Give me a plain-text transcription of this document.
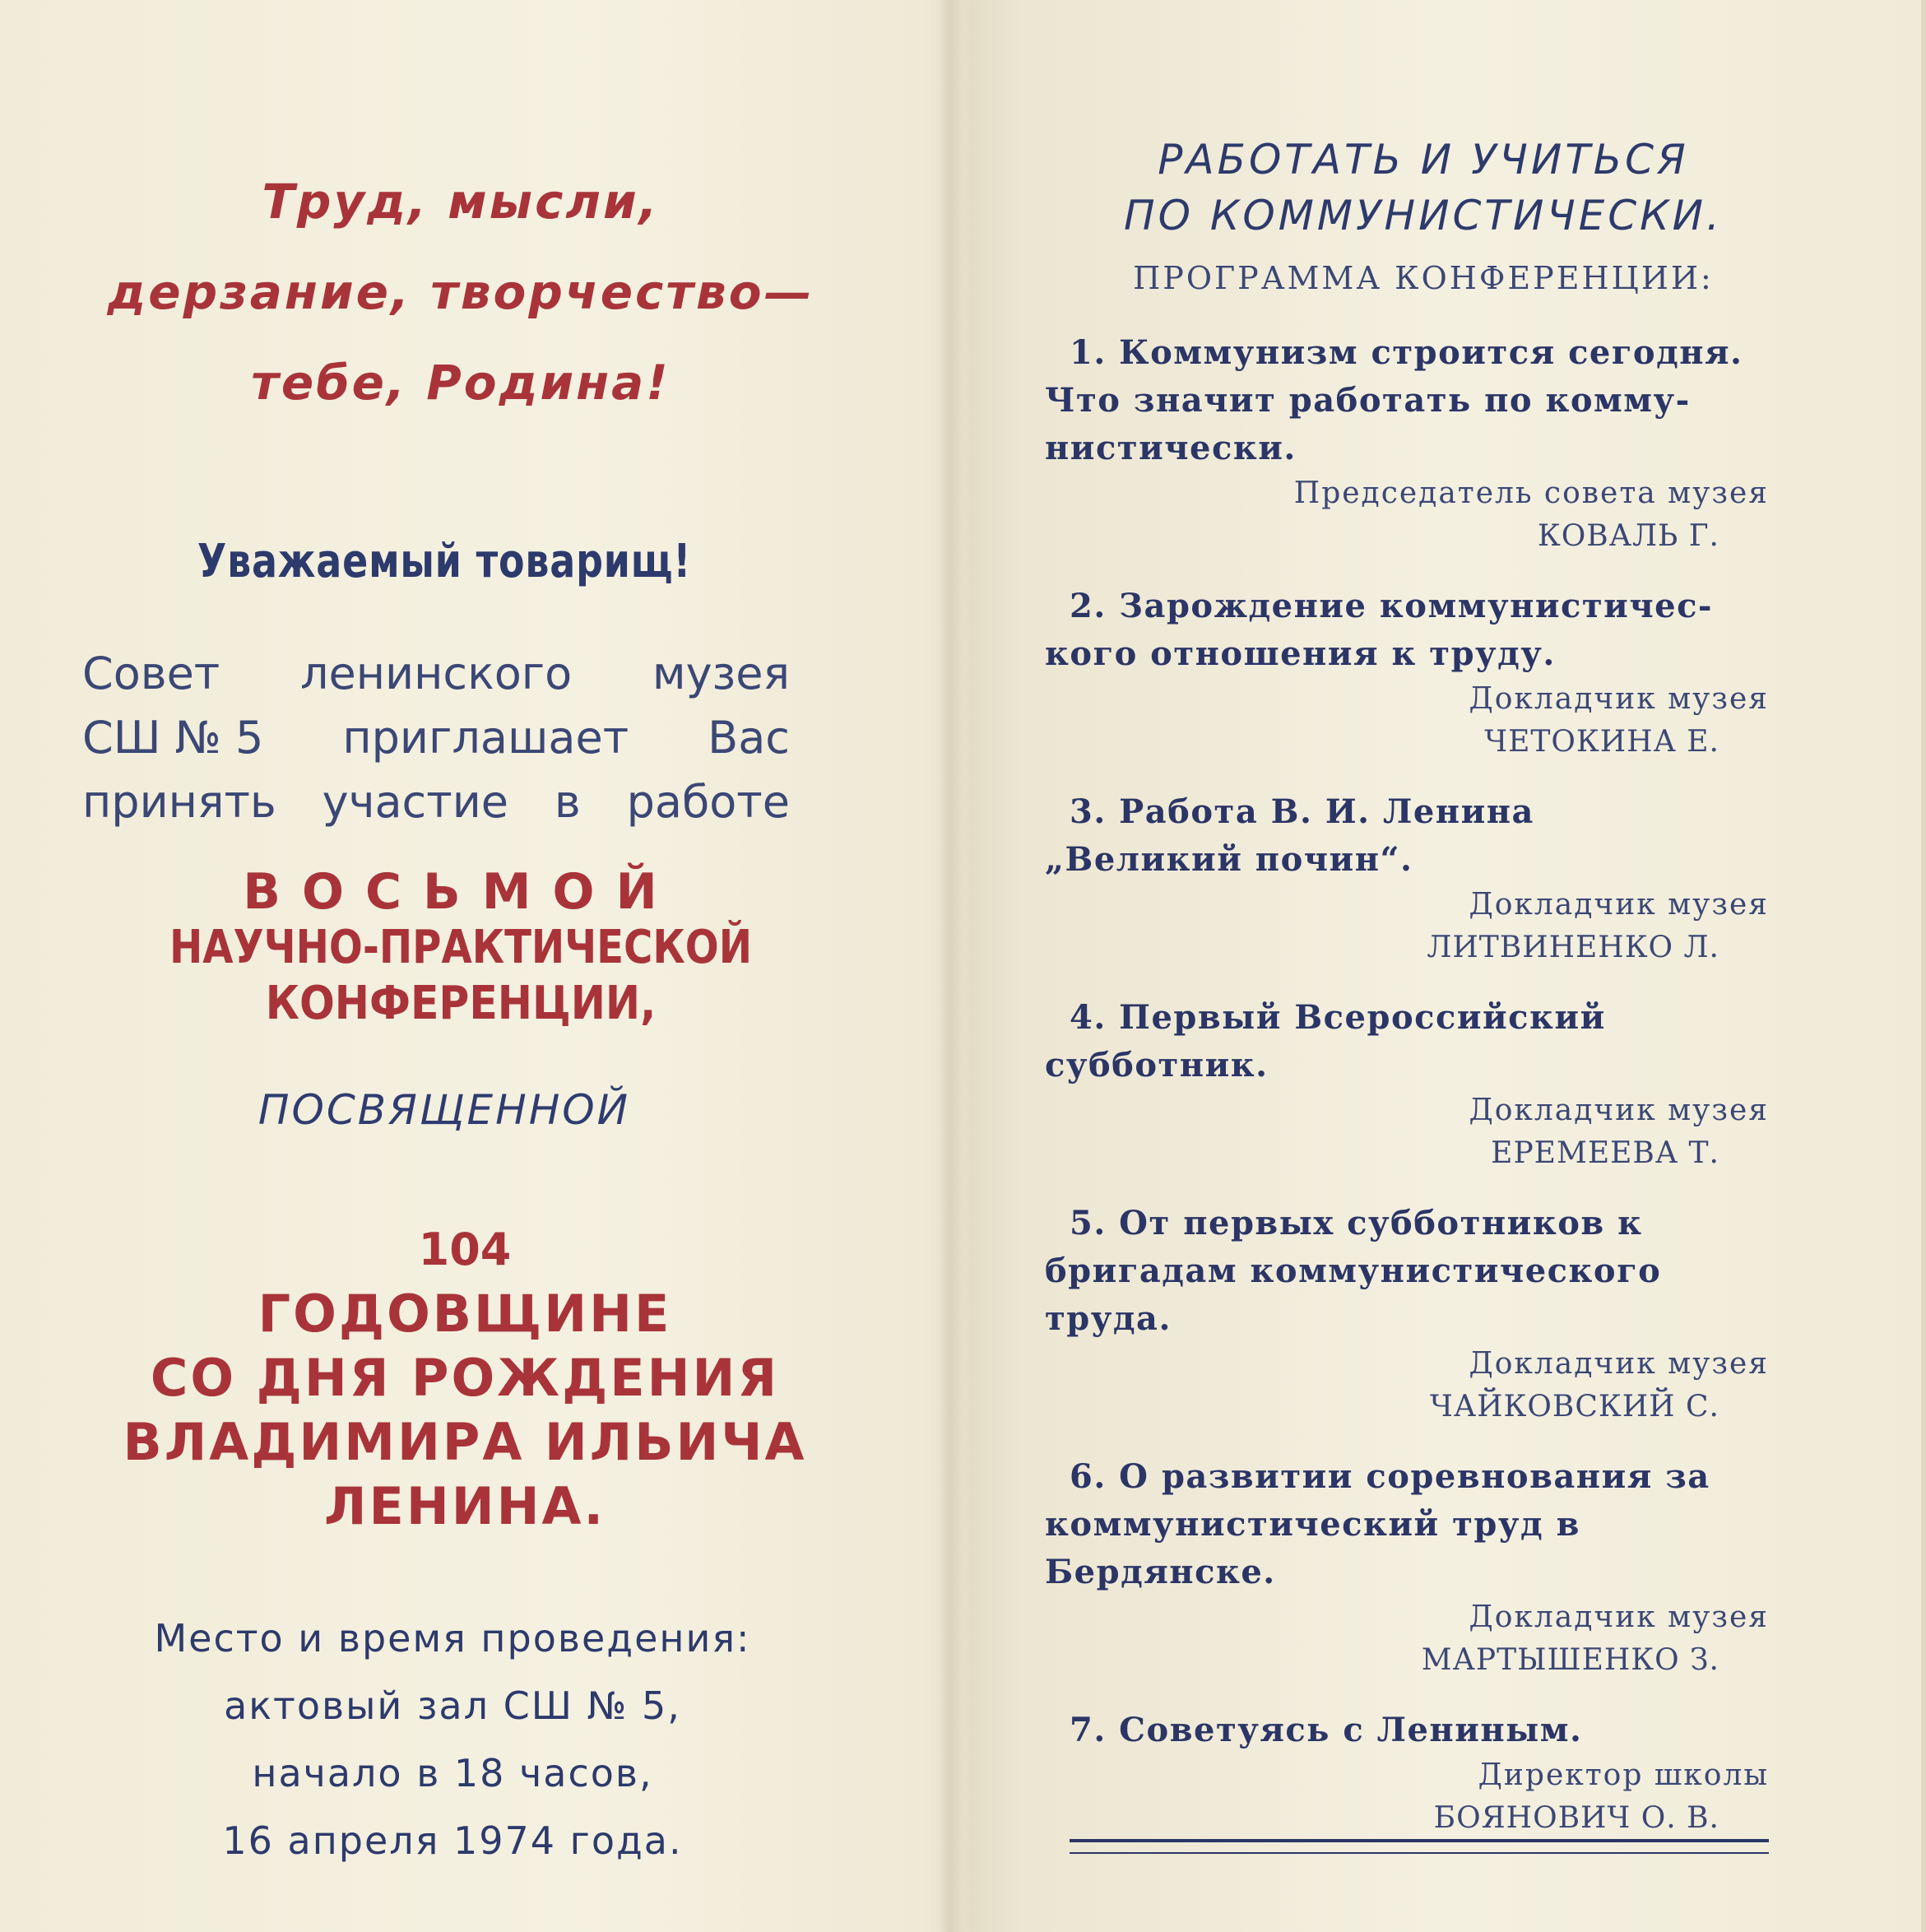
Труд, мысли,
дерзание, творчество—
тебе, Родина!
Уважаемый товарищ!
Совет ленинского музея
СШ № 5 приглашает Вас
принять участие в работе
ВОСЬМОЙ
НАУЧНО-ПРАКТИЧЕСКОЙ
КОНФЕРЕНЦИИ,
ПОСВЯЩЕННОЙ
104
ГОДОВЩИНЕ
СО ДНЯ РОЖДЕНИЯ
ВЛАДИМИРА ИЛЬИЧА
ЛЕНИНА.
Место и время проведения:
актовый зал СШ № 5,
начало в 18 часов,
16 апреля 1974 года.
РАБОТАТЬ И УЧИТЬСЯ
ПО КОММУНИСТИЧЕСКИ.
ПРОГРАММА КОНФЕРЕНЦИИ:
1. Коммунизм строится сегодня.
Что значит работать по комму-
нистически.
Председатель совета музея
КОВАЛЬ Г.
2. Зарождение коммунистичес-
кого отношения к труду.
Докладчик музея
ЧЕТОКИНА Е.
3. Работа В. И. Ленина
„Великий почин“.
Докладчик музея
ЛИТВИНЕНКО Л.
4. Первый Всероссийский
субботник.
Докладчик музея
ЕРЕМЕЕВА Т.
5. От первых субботников к
бригадам коммунистического
труда.
Докладчик музея
ЧАЙКОВСКИЙ С.
6. О развитии соревнования за
коммунистический труд в
Бердянске.
Докладчик музея
МАРТЫШЕНКО З.
7. Советуясь с Лениным.
Директор школы
БОЯНОВИЧ О. В.
